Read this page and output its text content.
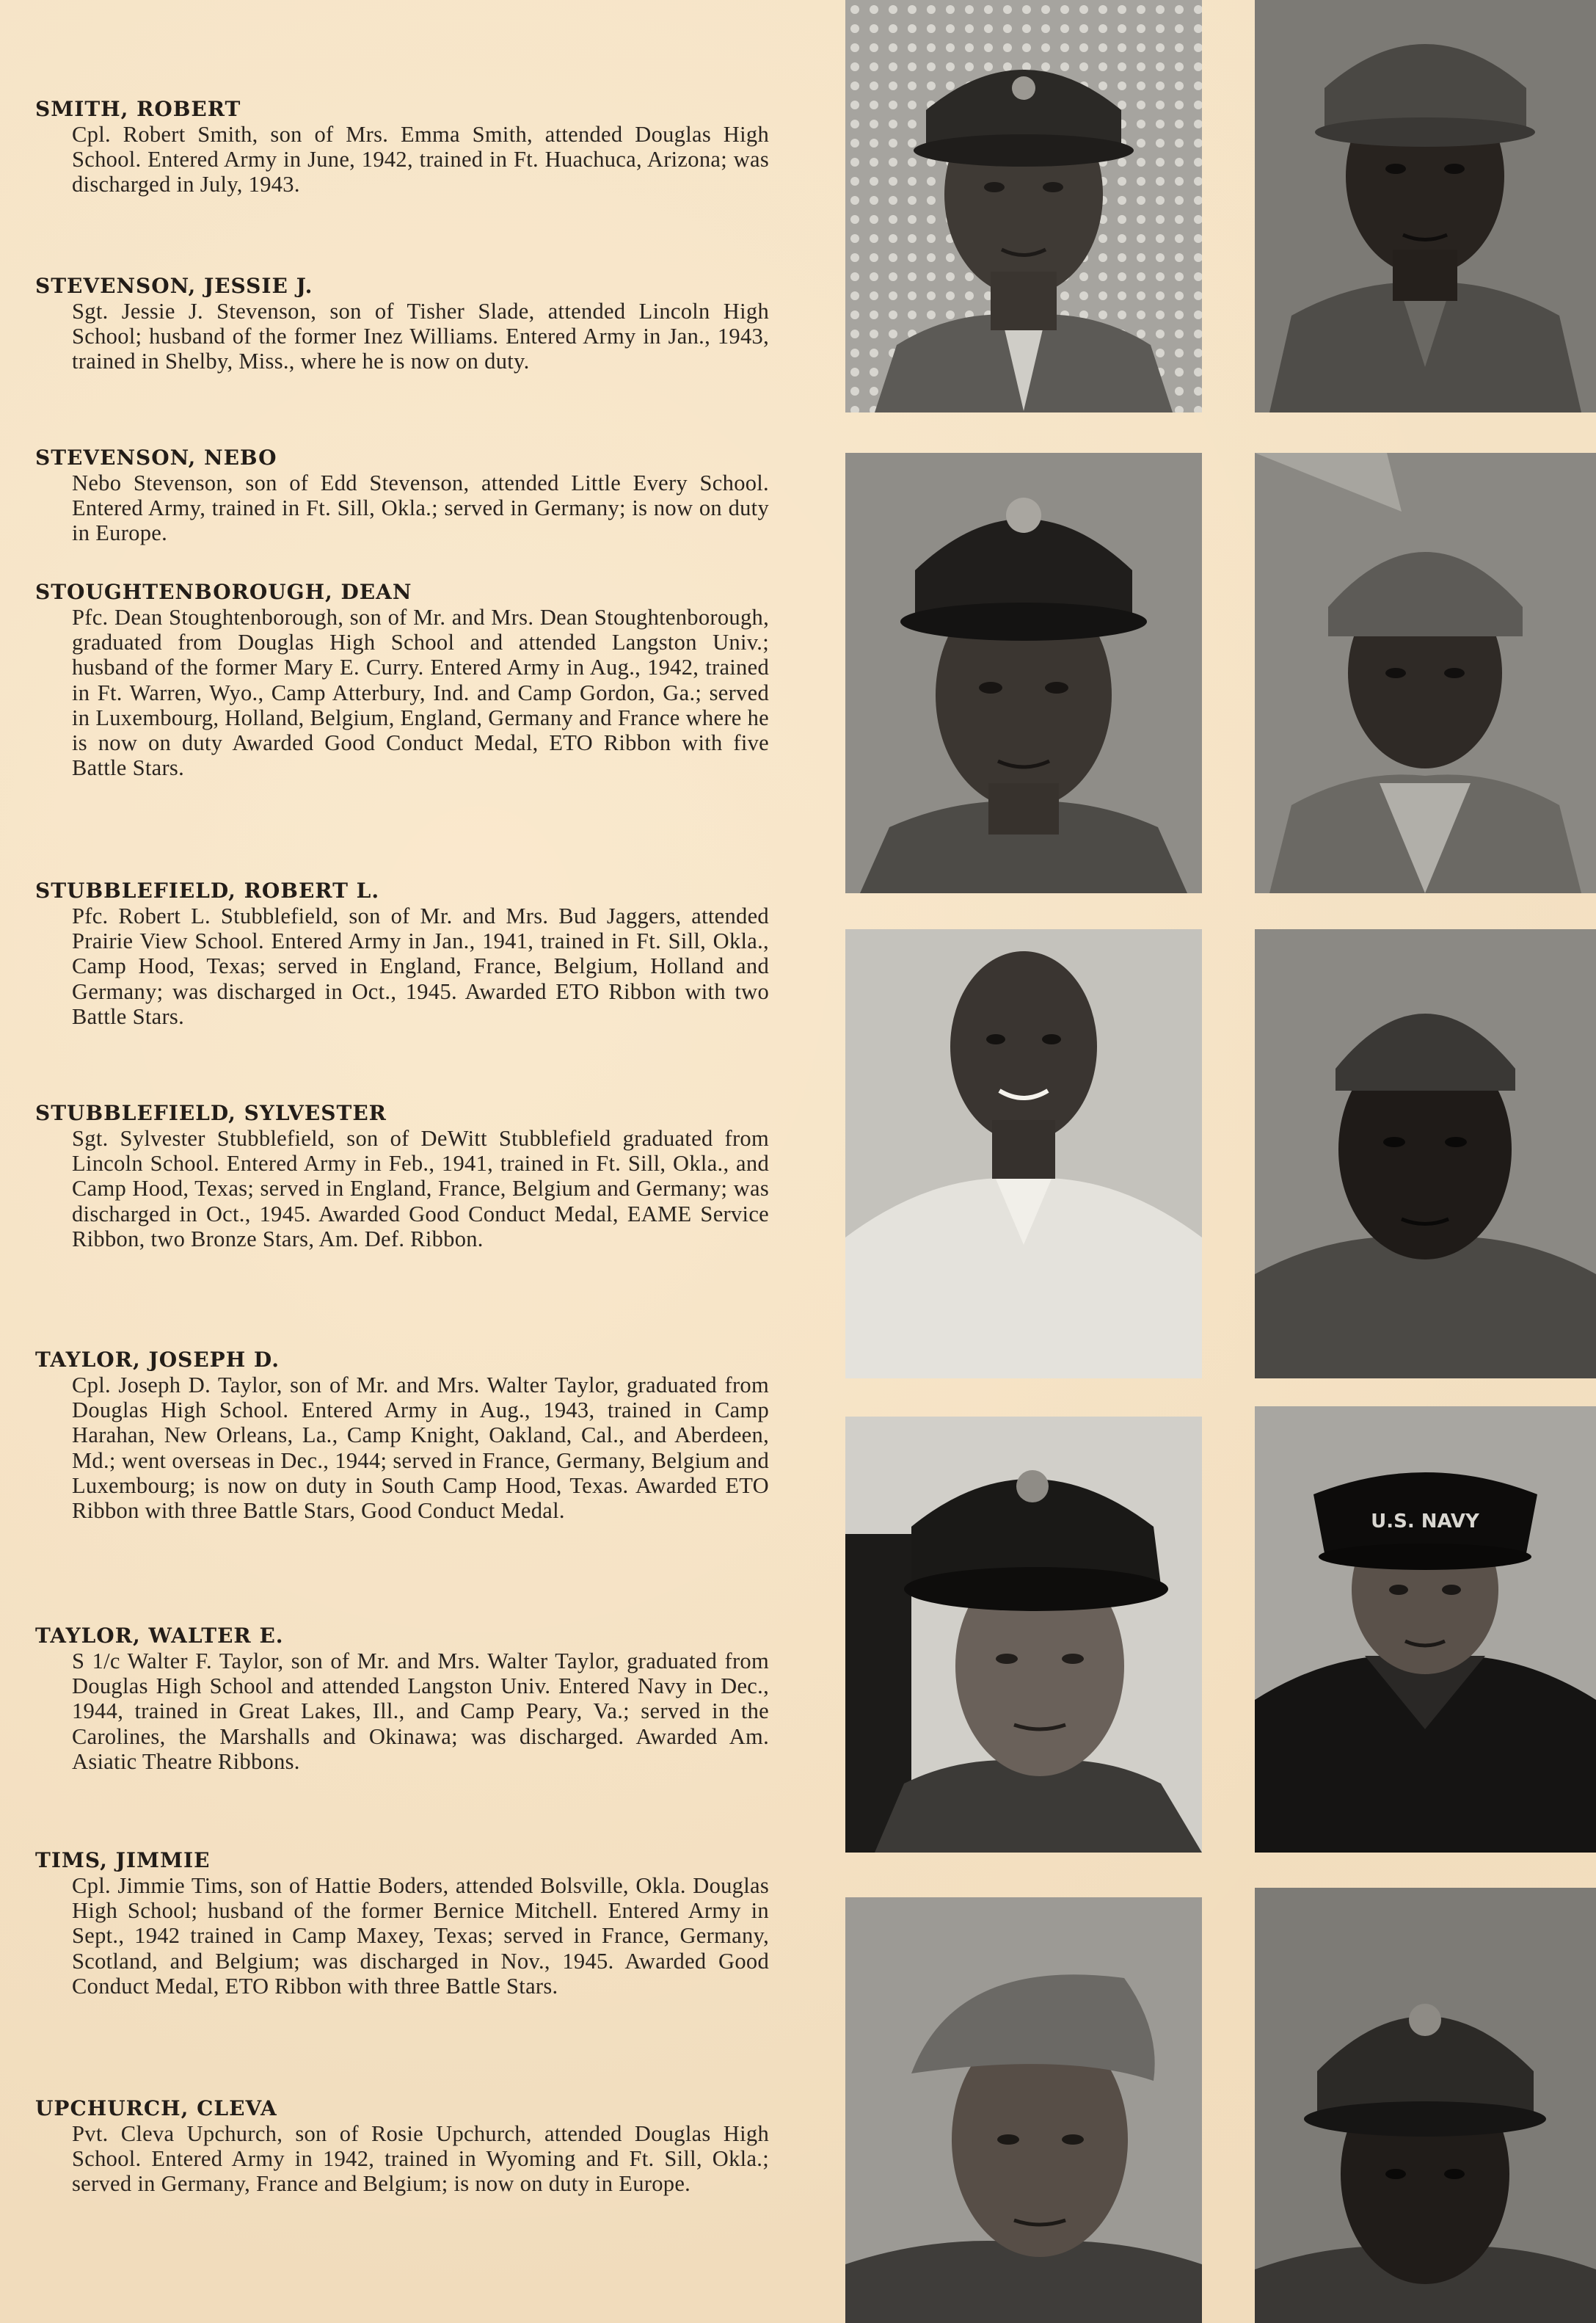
SMITH, ROBERT

Cpl. Robert Smith, son of Mrs. Emma Smith, attended Douglas High School. Entered Army in June, 1942, trained in Ft. Huachuca, Arizona; was discharged in July, 1943.

STEVENSON, JESSIE J.

Sgt. Jessie J. Stevenson, son of Tisher Slade, attended Lincoln High School; husband of the former Inez Williams. Entered Army in Jan., 1943, trained in Shelby, Miss., where he is now on duty.

STEVENSON, NEBO

Nebo Stevenson, son of Edd Stevenson, attended Little Every School. Entered Army, trained in Ft. Sill, Okla.; served in Germany; is now on duty in Europe.

STOUGHTENBOROUGH, DEAN

Pfc. Dean Stoughtenborough, son of Mr. and Mrs. Dean Stoughtenborough, graduated from Douglas High School and attended Langston Univ.; husband of the former Mary E. Curry. Entered Army in Aug., 1942, trained in Ft. Warren, Wyo., Camp Atterbury, Ind. and Camp Gordon, Ga.; served in Luxembourg, Holland, Belgium, England, Germany and France where he is now on duty Awarded Good Conduct Medal, ETO Ribbon with five Battle Stars.

STUBBLEFIELD, ROBERT L.

Pfc. Robert L. Stubblefield, son of Mr. and Mrs. Bud Jaggers, attended Prairie View School. Entered Army in Jan., 1941, trained in Ft. Sill, Okla., Camp Hood, Texas; served in England, France, Belgium, Holland and Germany; was discharged in Oct., 1945. Awarded ETO Ribbon with two Battle Stars.

STUBBLEFIELD, SYLVESTER

Sgt. Sylvester Stubblefield, son of DeWitt Stubblefield graduated from Lincoln School. Entered Army in Feb., 1941, trained in Ft. Sill, Okla., and Camp Hood, Texas; served in England, France, Belgium and Germany; was discharged in Oct., 1945. Awarded Good Conduct Medal, EAME Service Ribbon, two Bronze Stars, Am. Def. Ribbon.

TAYLOR, JOSEPH D.

Cpl. Joseph D. Taylor, son of Mr. and Mrs. Walter Taylor, graduated from Douglas High School. Entered Army in Aug., 1943, trained in Camp Harahan, New Orleans, La., Camp Knight, Oakland, Cal., and Aberdeen, Md.; went overseas in Dec., 1944; served in France, Germany, Belgium and Luxembourg; is now on duty in South Camp Hood, Texas. Awarded ETO Ribbon with three Battle Stars, Good Conduct Medal.

TAYLOR, WALTER E.

S 1/c Walter F. Taylor, son of Mr. and Mrs. Walter Taylor, graduated from Douglas High School and attended Langston Univ. Entered Navy in Dec., 1944, trained in Great Lakes, Ill., and Camp Peary, Va.; served in the Carolines, the Marshalls and Okinawa; was discharged. Awarded Am. Asiatic Theatre Ribbons.

TIMS, JIMMIE

Cpl. Jimmie Tims, son of Hattie Boders, attended Bolsville, Okla. Douglas High School; husband of the former Bernice Mitchell. Entered Army in Sept., 1942 trained in Camp Maxey, Texas; served in France, Germany, Scotland, and Belgium; was discharged in Nov., 1945. Awarded Good Conduct Medal, ETO Ribbon with three Battle Stars.

UPCHURCH, CLEVA

Pvt. Cleva Upchurch, son of Rosie Upchurch, attended Douglas High School. Entered Army in 1942, trained in Wyoming and Ft. Sill, Okla.; served in Germany, France and Belgium; is now on duty in Europe.

U.S. NAVY
